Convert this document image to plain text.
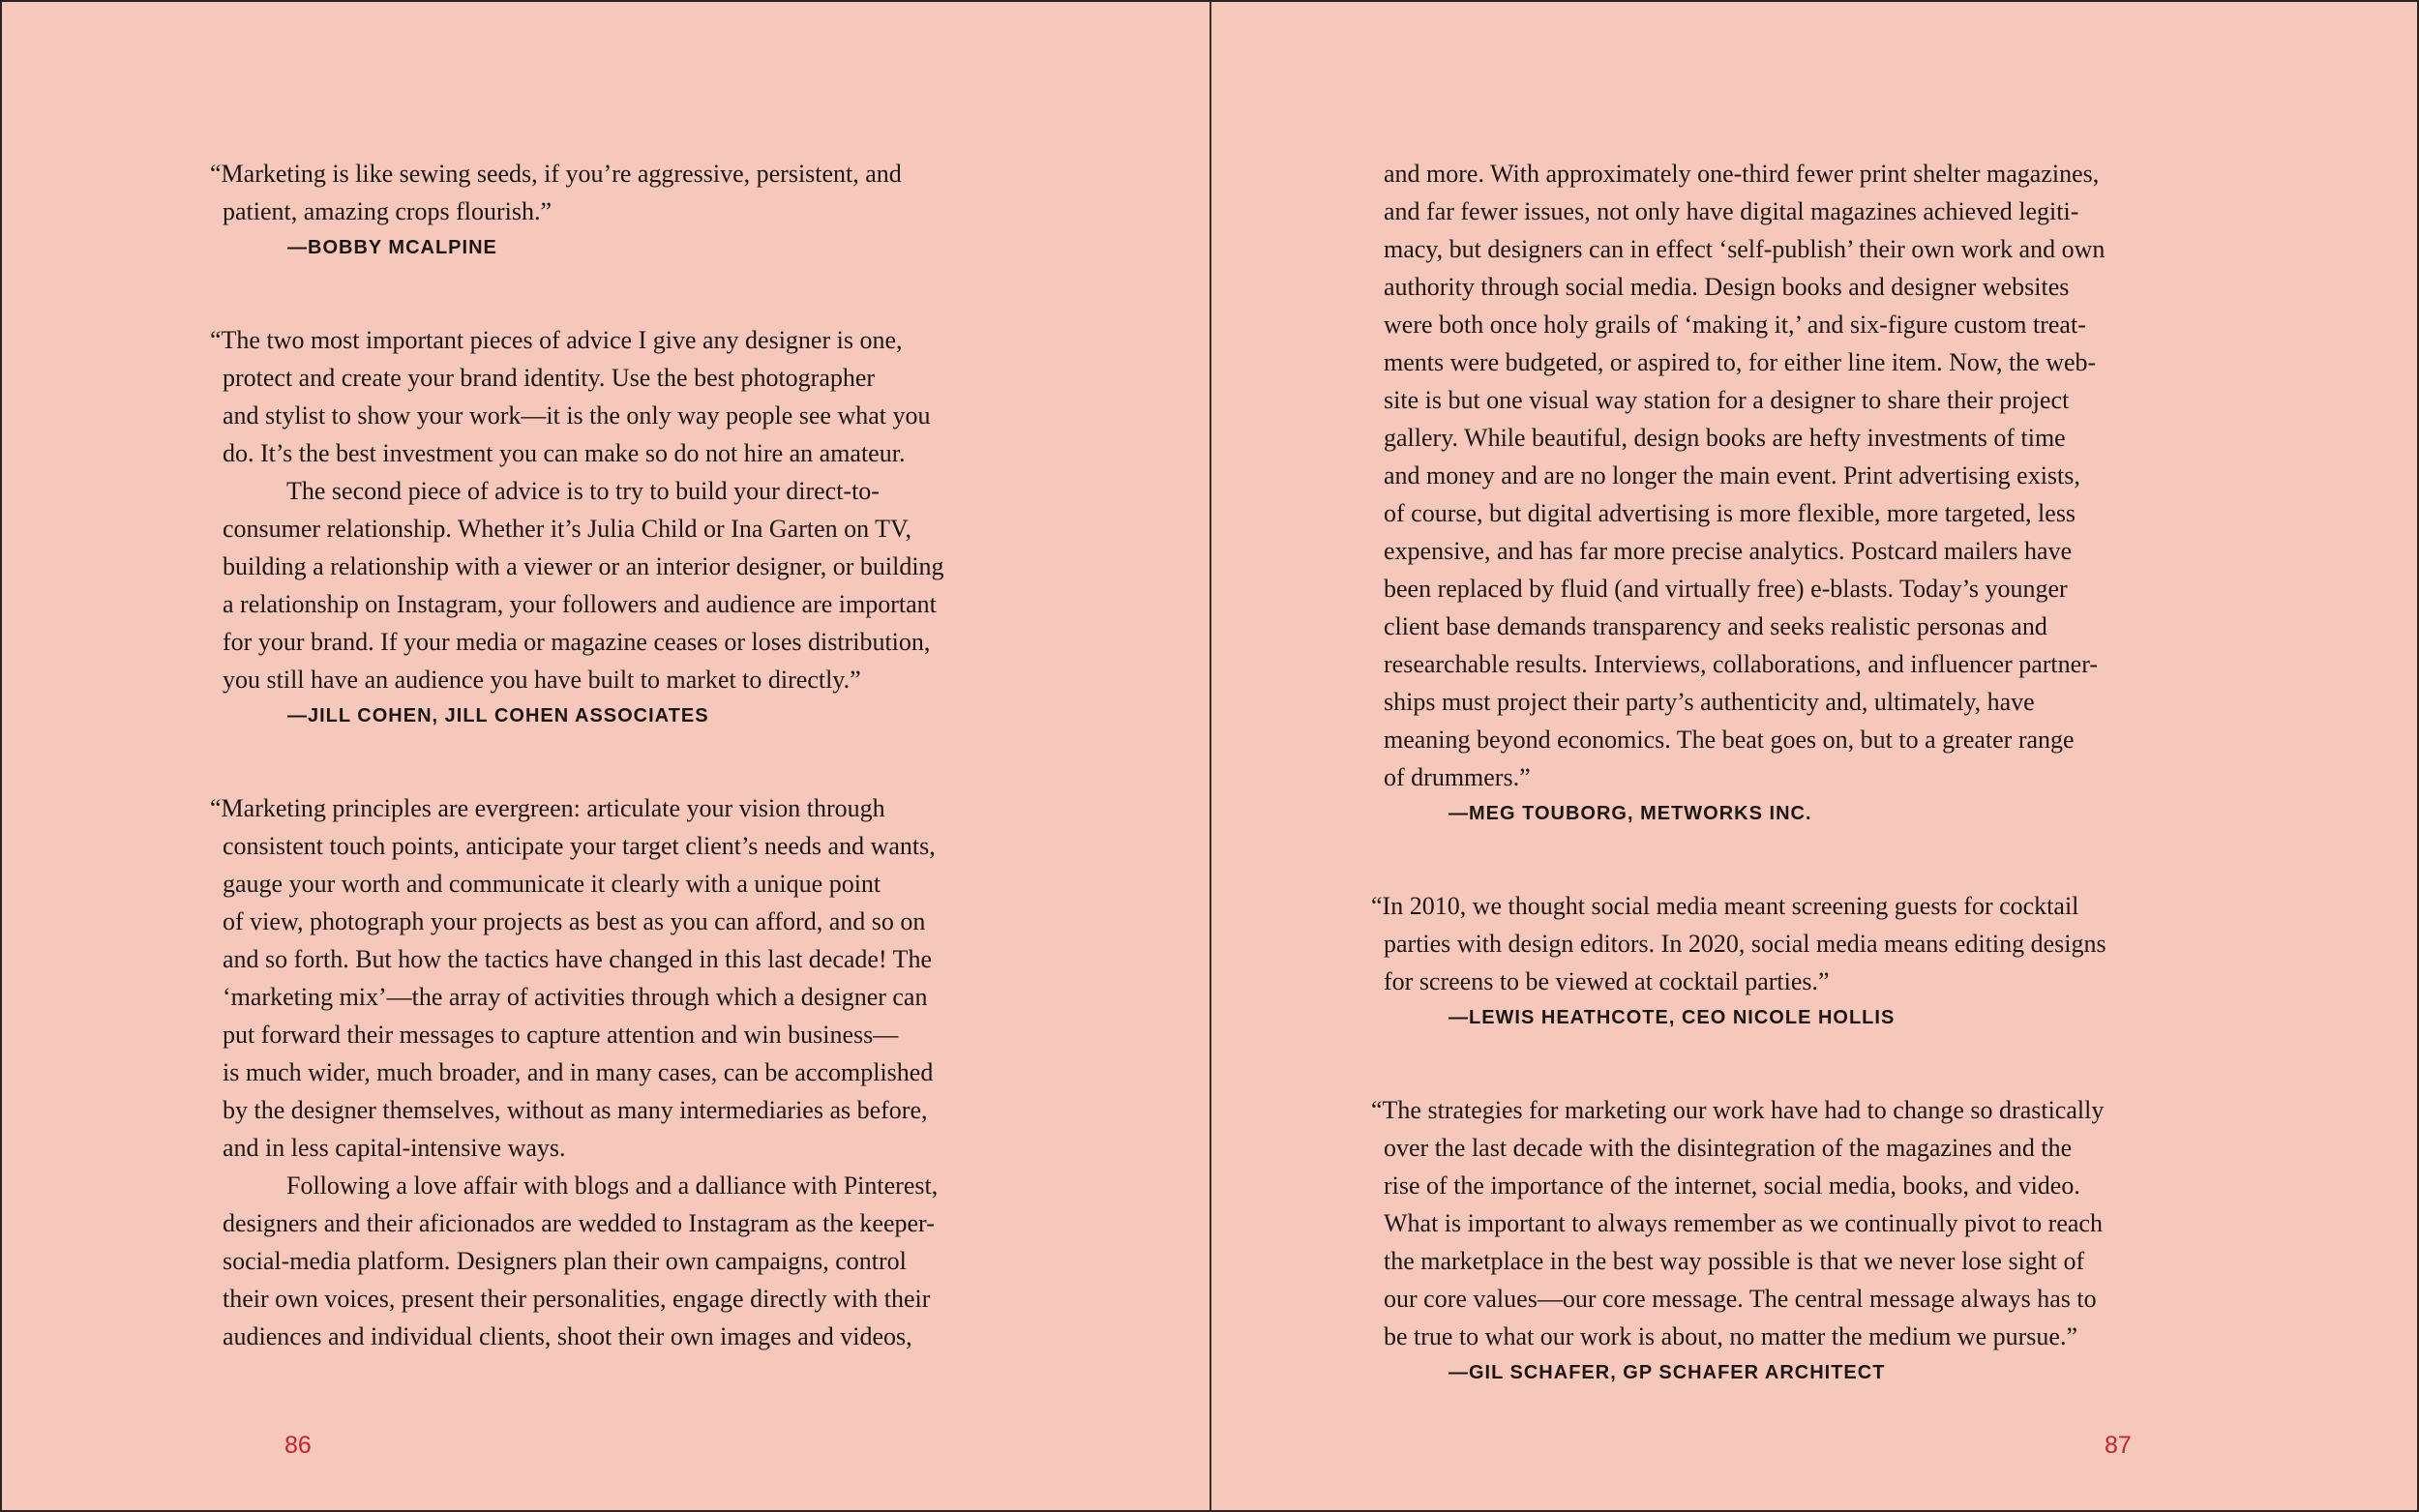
“Marketing is like sewing seeds, if you’re aggressive, persistent, and
patient, amazing crops flourish.”

—BOBBY MCALPINE

“The two most important pieces of advice I give any designer is one,
protect and create your brand identity. Use the best photographer
and stylist to show your work—it is the only way people see what you
do. It’s the best investment you can make so do not hire an amateur.

The second piece of advice is to try to build your direct-to-
consumer relationship. Whether it’s Julia Child or Ina Garten on TV,
building a relationship with a viewer or an interior designer, or building
a relationship on Instagram, your followers and audience are important
for your brand. If your media or magazine ceases or loses distribution,
you still have an audience you have built to market to directly.”

—JILL COHEN, JILL COHEN ASSOCIATES

“Marketing principles are evergreen: articulate your vision through
consistent touch points, anticipate your target client’s needs and wants,
gauge your worth and communicate it clearly with a unique point
of view, photograph your projects as best as you can afford, and so on
and so forth. But how the tactics have changed in this last decade! The
‘marketing mix’—the array of activities through which a designer can
put forward their messages to capture attention and win business—
is much wider, much broader, and in many cases, can be accomplished
by the designer themselves, without as many intermediaries as before,
and in less capital-intensive ways.

Following a love affair with blogs and a dalliance with Pinterest,
designers and their aficionados are wedded to Instagram as the keeper-
social-media platform. Designers plan their own campaigns, control
their own voices, present their personalities, engage directly with their
audiences and individual clients, shoot their own images and videos,

86

and more. With approximately one-third fewer print shelter magazines,
and far fewer issues, not only have digital magazines achieved legiti-
macy, but designers can in effect ‘self-publish’ their own work and own
authority through social media. Design books and designer websites
were both once holy grails of ‘making it,’ and six-figure custom treat-
ments were budgeted, or aspired to, for either line item. Now, the web-
site is but one visual way station for a designer to share their project
gallery. While beautiful, design books are hefty investments of time
and money and are no longer the main event. Print advertising exists,
of course, but digital advertising is more flexible, more targeted, less
expensive, and has far more precise analytics. Postcard mailers have
been replaced by fluid (and virtually free) e-blasts. Today’s younger
client base demands transparency and seeks realistic personas and
researchable results. Interviews, collaborations, and influencer partner-
ships must project their party’s authenticity and, ultimately, have
meaning beyond economics. The beat goes on, but to a greater range
of drummers.”

—MEG TOUBORG, METWORKS INC.

“In 2010, we thought social media meant screening guests for cocktail
parties with design editors. In 2020, social media means editing designs
for screens to be viewed at cocktail parties.”

—LEWIS HEATHCOTE, CEO NICOLE HOLLIS

“The strategies for marketing our work have had to change so drastically
over the last decade with the disintegration of the magazines and the
rise of the importance of the internet, social media, books, and video.
What is important to always remember as we continually pivot to reach
the marketplace in the best way possible is that we never lose sight of
our core values—our core message. The central message always has to
be true to what our work is about, no matter the medium we pursue.”

—GIL SCHAFER, GP SCHAFER ARCHITECT

87
